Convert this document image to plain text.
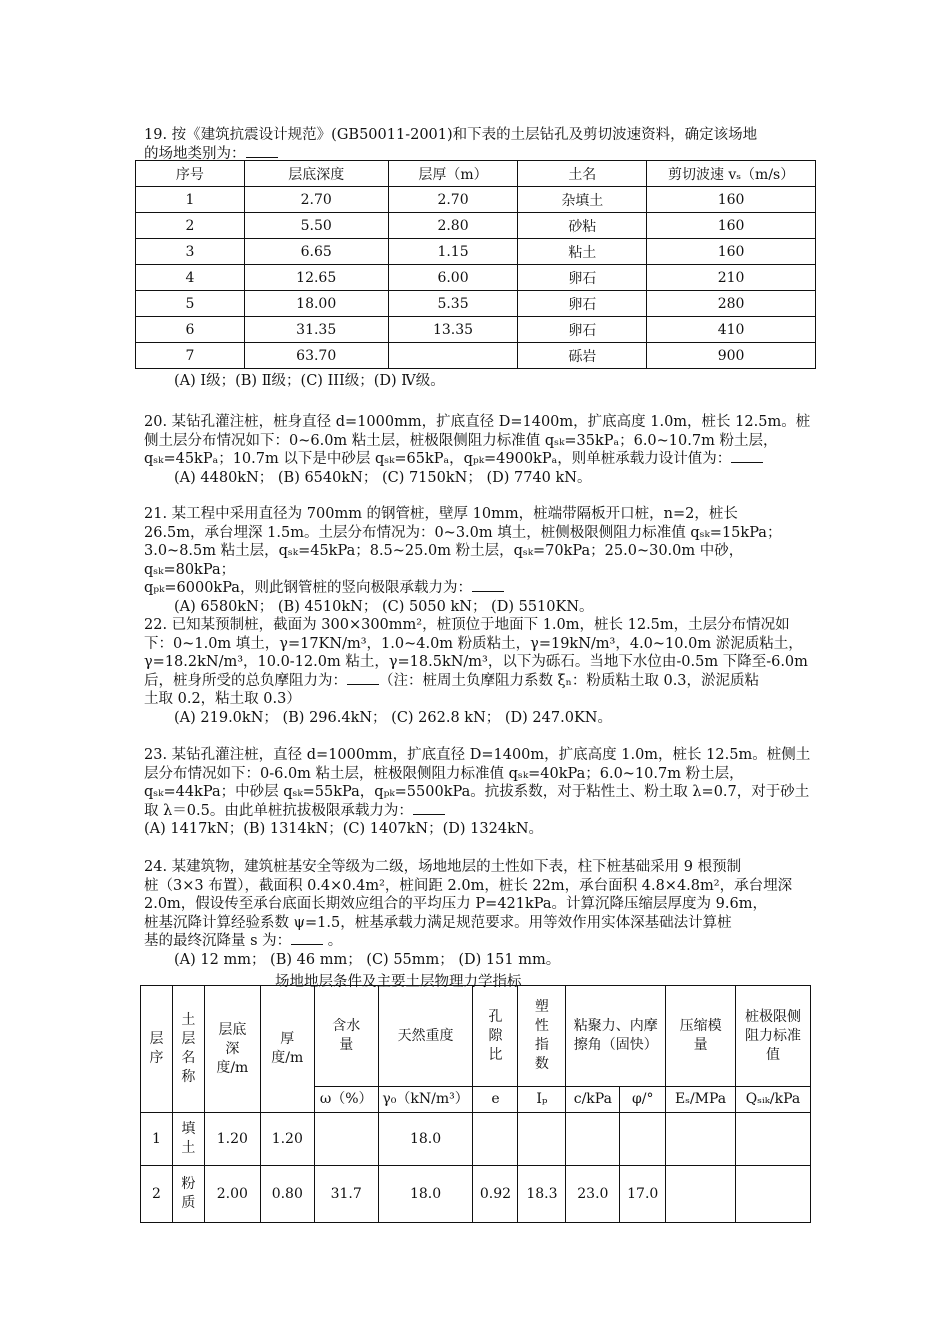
19. 按《建筑抗震设计规范》(GB50011-2001)和下表的土层钻孔及剪切波速资料，确定该场地

的场地类别为：

序号	层底深度	层厚（m）	土名	剪切波速 vₛ（m/s）
1	2.70	2.70	杂填土	160
2	5.50	2.80	砂粘	160
3	6.65	1.15	粘土	160
4	12.65	6.00	卵石	210
5	18.00	5.35	卵石	280
6	31.35	13.35	卵石	410
7	63.70		砾岩	900

(A) Ⅰ级；(B) Ⅱ级；(C) ⅠⅠⅠ级；(D) Ⅳ级。

20. 某钻孔灌注桩，桩身直径 d=1000mm，扩底直径 D=1400m，扩底高度 1.0m，桩长 12.5m。桩

侧土层分布情况如下：0~6.0m 粘土层，桩极限侧阻力标准值 qₛₖ=35kPₐ；6.0~10.7m 粉土层，

qₛₖ=45kPₐ；10.7m 以下是中砂层 qₛₖ=65kPₐ，qₚₖ=4900kPₐ，则单桩承载力设计值为：

(A) 4480kN； (B) 6540kN； (C) 7150kN； (D) 7740 kN。

21. 某工程中采用直径为 700mm 的钢管桩，壁厚 10mm，桩端带隔板开口桩，n=2，桩长

26.5m，承台埋深 1.5m。土层分布情况为：0~3.0m 填土，桩侧极限侧阻力标准值 qₛₖ=15kPa；

3.0~8.5m 粘土层，qₛₖ=45kPa；8.5~25.0m 粉土层，qₛₖ=70kPa；25.0~30.0m 中砂，qₛₖ=80kPa；

qₚₖ=6000kPa，则此钢管桩的竖向极限承载力为：

(A) 6580kN； (B) 4510kN； (C) 5050 kN； (D) 5510KN。

22. 已知某预制桩，截面为 300×300mm²，桩顶位于地面下 1.0m，桩长 12.5m，土层分布情况如

下：0~1.0m 填土，γ=17KN/m³，1.0~4.0m 粉质粘土，γ=19kN/m³，4.0~10.0m 淤泥质粘土，

γ=18.2kN/m³，10.0-12.0m 粘土，γ=18.5kN/m³，以下为砾石。当地下水位由-0.5m 下降至-6.0m

后，桩身所受的总负摩阻力为： （注：桩周土负摩阻力系数 ξₙ：粉质粘土取 0.3，淤泥质粘

土取 0.2，粘土取 0.3）

(A) 219.0kN； (B) 296.4kN； (C) 262.8 kN； (D) 247.0KN。

23. 某钻孔灌注桩，直径 d=1000mm，扩底直径 D=1400m，扩底高度 1.0m，桩长 12.5m。桩侧土

层分布情况如下：0-6.0m 粘土层，桩极限侧阻力标准值 qₛₖ=40kPa；6.0~10.7m 粉土层，

qₛₖ=44kPa；中砂层 qₛₖ=55kPa，qₚₖ=5500kPa。抗拔系数，对于粘性土、粉土取 λ=0.7，对于砂土

取 λ＝0.5。由此单桩抗拔极限承载力为：

(A) 1417kN；(B) 1314kN；(C) 1407kN；(D) 1324kN。

24. 某建筑物，建筑桩基安全等级为二级，场地地层的土性如下表，柱下桩基础采用 9 根预制

桩（3×3 布置），截面积 0.4×0.4m²，桩间距 2.0m，桩长 22m，承台面积 4.8×4.8m²，承台埋深

2.0m，假设传至承台底面长期效应组合的平均压力 P=421kPa。计算沉降压缩层厚度为 9.6m，

桩基沉降计算经验系数 ψ=1.5，桩基承载力满足规范要求。用等效作用实体深基础法计算桩

基的最终沉降量 s 为： 。

(A) 12 mm； (B) 46 mm； (C) 55mm； (D) 151 mm。

场地地层条件及主要土层物理力学指标
层序	土层名称	层底深度/m	厚度/m	含水量	天然重度	孔隙比	塑性指数	粘聚力、内摩擦角（固快）		压缩模量	桩极限侧阻力标准值
				ω（%）	γ₀（kN/m³）	e	Iₚ	c/kPa	φ/°	Eₛ/MPa	Qₛᵢₖ/kPa
1	填土	1.20	1.20		18.0						
2	粉质	2.00	0.80	31.7	18.0	0.92	18.3	23.0	17.0		
